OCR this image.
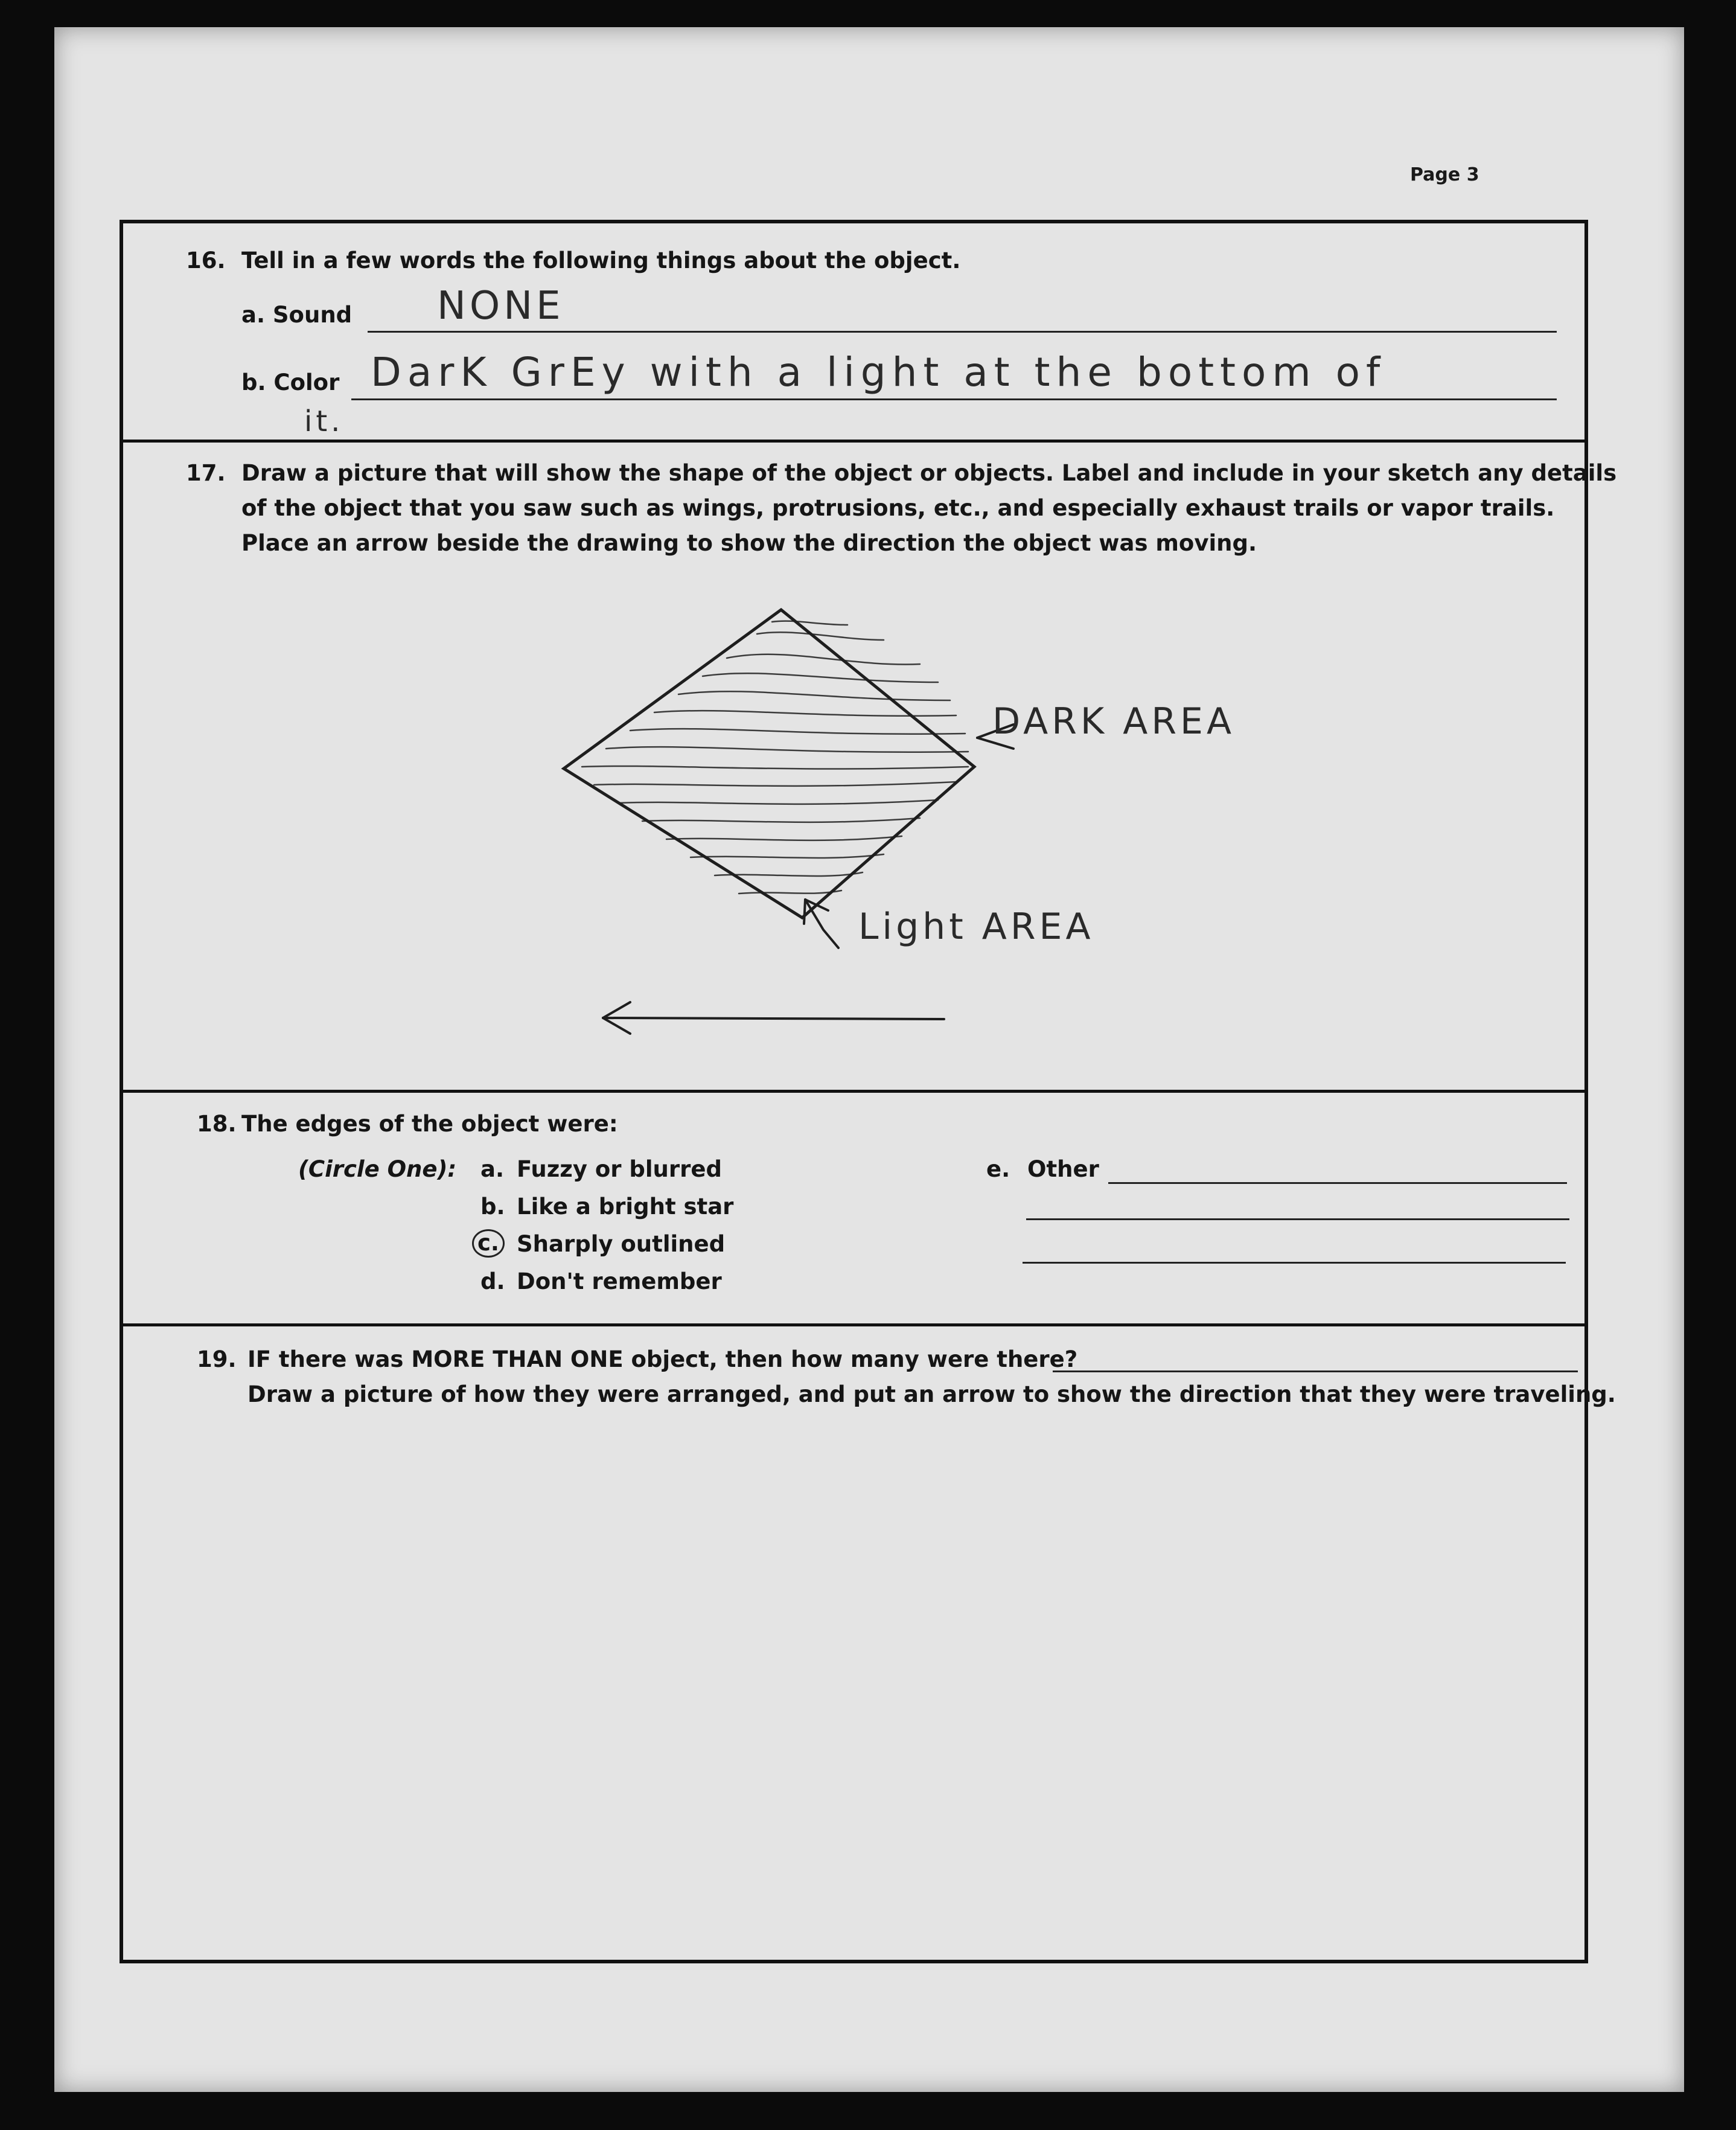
Page 3
16. Tell in a few words the following things about the object.
a. Sound NONE
b. Color DarK GrEy with a light at the bottom of
it.
17. Draw a picture that will show the shape of the object or objects. Label and include in your sketch any details
of the object that you saw such as wings, protrusions, etc., and especially exhaust trails or vapor trails.
Place an arrow beside the drawing to show the direction the object was moving.
DARK AREA
Light AREA
18. The edges of the object were:
(Circle One): a. Fuzzy or blurred
b. Like a bright star
c. Sharply outlined
d. Don't remember
e. Other
19. IF there was MORE THAN ONE object, then how many were there?
Draw a picture of how they were arranged, and put an arrow to show the direction that they were traveling.
